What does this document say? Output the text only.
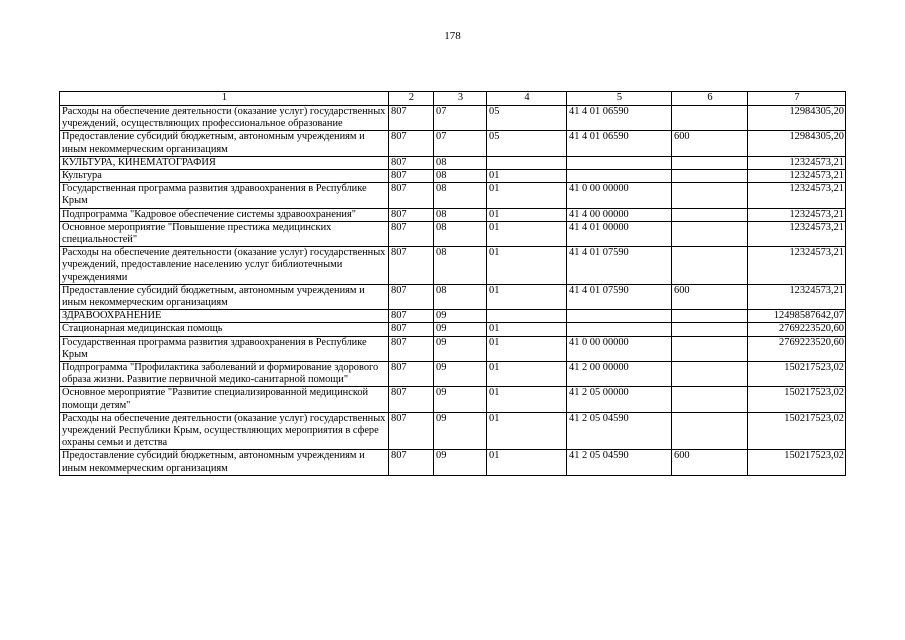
178
1	2	3	4	5	6	7
Расходы на обеспечение деятельности (оказание услуг) государственных учреждений, осуществляющих профессиональное образование	807	07	05	41 4 01 06590		12984305,20
Предоставление субсидий бюджетным, автономным учреждениям и иным некоммерческим организациям	807	07	05	41 4 01 06590	600	12984305,20
КУЛЬТУРА, КИНЕМАТОГРАФИЯ	807	08				12324573,21
Культура	807	08	01			12324573,21
Государственная программа развития здравоохранения в Республике Крым	807	08	01	41 0 00 00000		12324573,21
Подпрограмма "Кадровое обеспечение системы здравоохранения"	807	08	01	41 4 00 00000		12324573,21
Основное мероприятие "Повышение престижа медицинских специальностей"	807	08	01	41 4 01 00000		12324573,21
Расходы на обеспечение деятельности (оказание услуг) государственных учреждений, предоставление населению услуг библиотечными учреждениями	807	08	01	41 4 01 07590		12324573,21
Предоставление субсидий бюджетным, автономным учреждениям и иным некоммерческим организациям	807	08	01	41 4 01 07590	600	12324573,21
ЗДРАВООХРАНЕНИЕ	807	09				12498587642,07
Стационарная медицинская помощь	807	09	01			2769223520,60
Государственная программа развития здравоохранения в Республике Крым	807	09	01	41 0 00 00000		2769223520,60
Подпрограмма "Профилактика заболеваний и формирование здорового образа жизни. Развитие первичной медико-санитарной помощи"	807	09	01	41 2 00 00000		150217523,02
Основное мероприятие "Развитие специализированной медицинской помощи детям"	807	09	01	41 2 05 00000		150217523,02
Расходы на обеспечение деятельности (оказание услуг) государственных учреждений Республики Крым, осуществляющих мероприятия в сфере охраны семьи и детства	807	09	01	41 2 05 04590		150217523,02
Предоставление субсидий бюджетным, автономным учреждениям и иным некоммерческим организациям	807	09	01	41 2 05 04590	600	150217523,02
